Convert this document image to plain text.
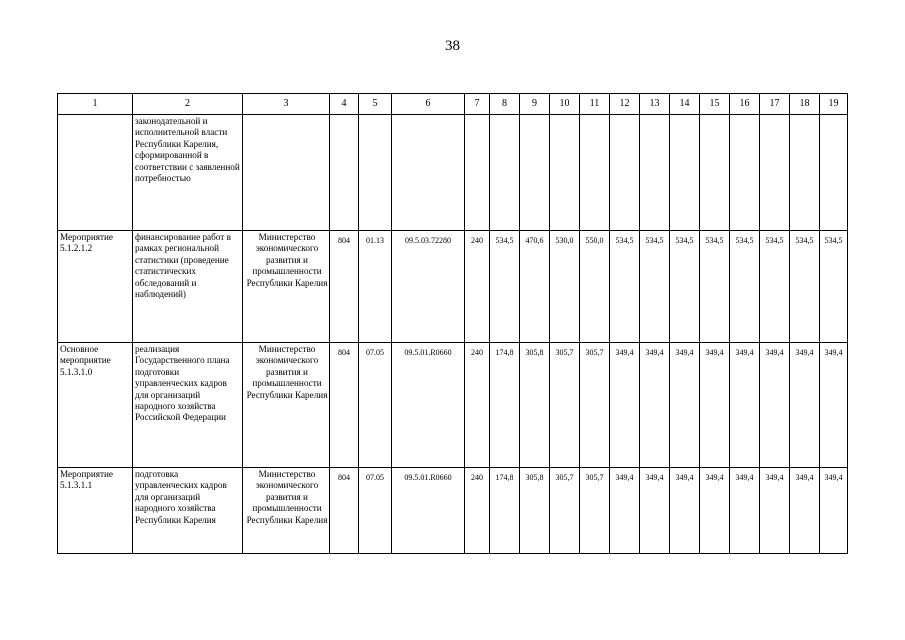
38
1	2	3	4	5	6	7	8	9	10	11	12	13	14	15	16	17	18	19
	законодательной и исполнительной власти Республики Карелия, сформированной в соответствии с заявленной потребностью																	
Мероприятие 5.1.2.1.2	финансирование работ в рамках региональной статистики (проведение статистических обследований и наблюдений)	Министерство экономического развития и промышленности Республики Карелия	804	01.13	09.5.03.72280	240	534,5	470,6	530,0	550,0	534,5	534,5	534,5	534,5	534,5	534,5	534,5	534,5
Основное мероприятие 5.1.3.1.0	реализация Государственного плана подготовки управленческих кадров для организаций народного хозяйства Российской Федерации	Министерство экономического развития и промышленности Республики Карелия	804	07.05	09.5.01.R0660	240	174,8	305,8	305,7	305,7	349,4	349,4	349,4	349,4	349,4	349,4	349,4	349,4
Мероприятие 5.1.3.1.1	подготовка управленческих кадров для организаций народного хозяйства Республики Карелия	Министерство экономического развития и промышленности Республики Карелия	804	07.05	09.5.01.R0660	240	174,8	305,8	305,7	305,7	349,4	349,4	349,4	349,4	349,4	349,4	349,4	349,4
